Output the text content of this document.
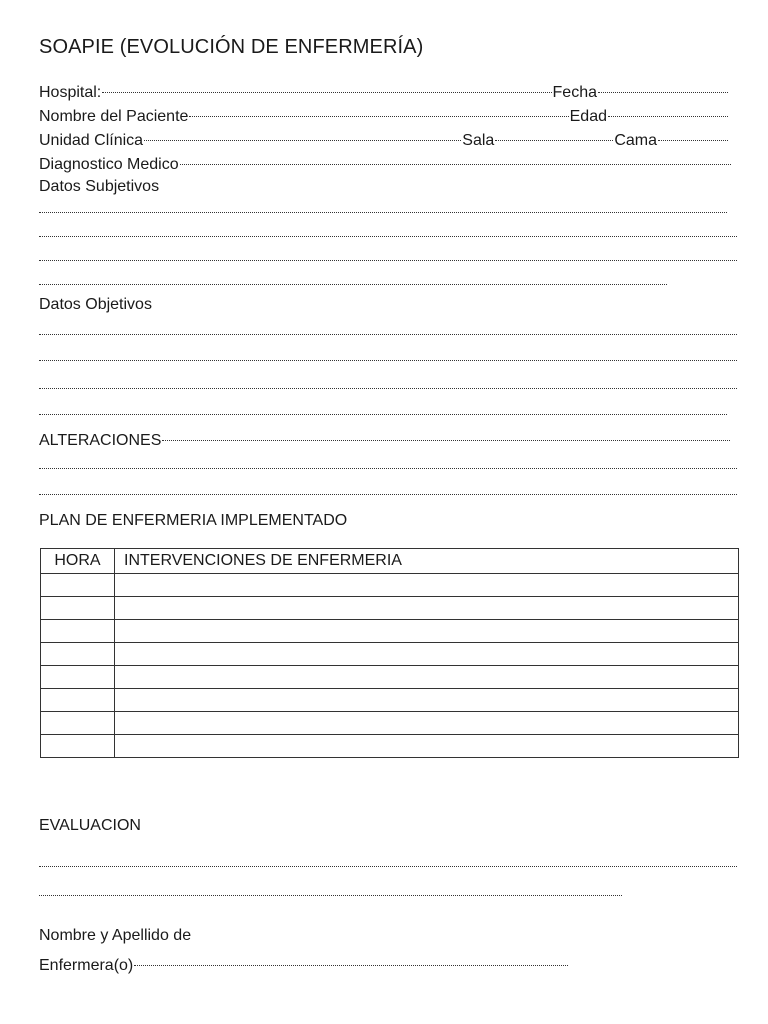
SOAPIE (EVOLUCIÓN DE ENFERMERÍA)
Hospital:	Fecha
Nombre del Paciente	Edad
Unidad Clínica	Sala	Cama
Diagnostico Medico
Datos Subjetivos
Datos Objetivos
ALTERACIONES
PLAN DE ENFERMERIA IMPLEMENTADO
HORA	INTERVENCIONES DE ENFERMERIA

EVALUACION
Nombre y Apellido de
Enfermera(o)
